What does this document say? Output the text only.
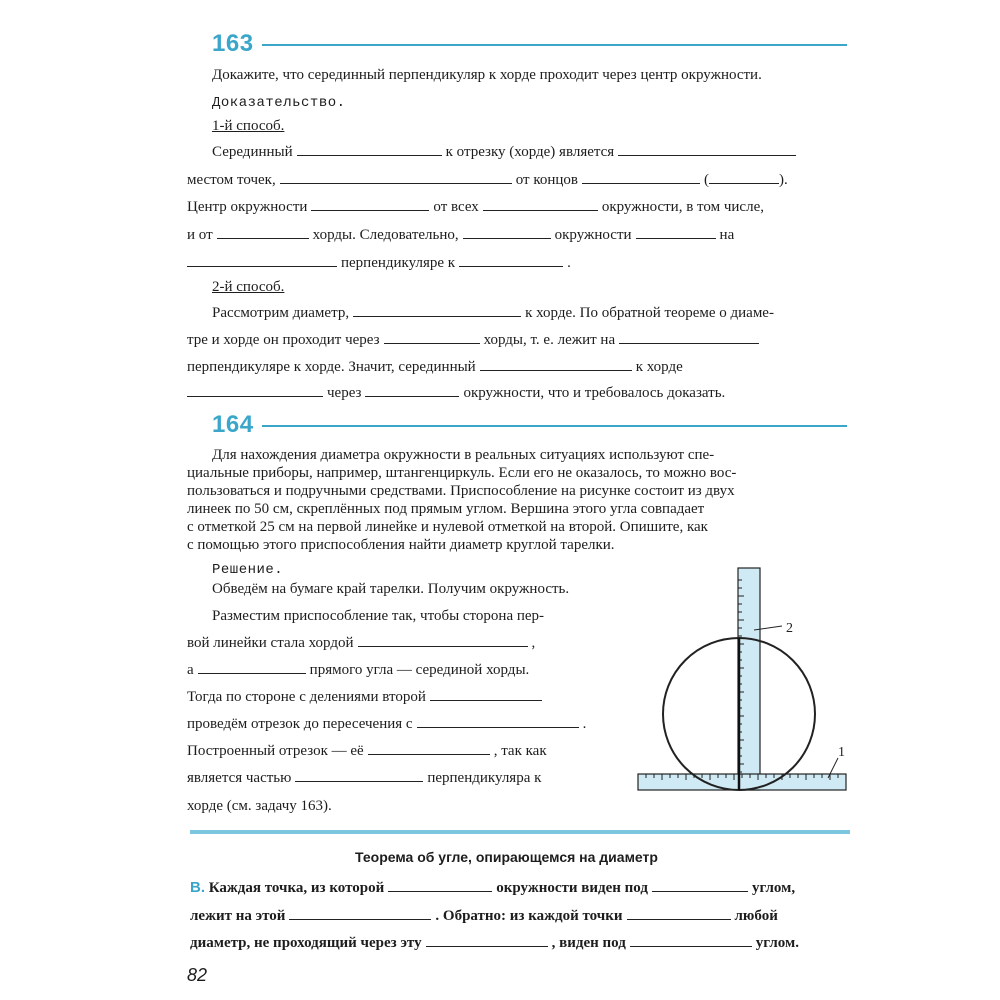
163
Докажите, что серединный перпендикуляр к хорде проходит через центр окружности.
Доказательство.
1-й способ.
Серединный	к отрезку (хорде) является
местом точек,	от концов	(	).
Центр окружности	от всех	окружности, в том числе,
и от	хорды. Следовательно,	окружности	на
перпендикуляре к	.
2-й способ.
Рассмотрим диаметр,	к хорде. По обратной теореме о диаме-
тре и хорде он проходит через	хорды, т. е. лежит на
перпендикуляре к хорде. Значит, серединный	к хорде
через	окружности, что и требовалось доказать.
164
Для нахождения диаметра окружности в реальных ситуациях используют спе-
циальные приборы, например, штангенциркуль. Если его не оказалось, то можно вос-
пользоваться и подручными средствами. Приспособление на рисунке состоит из двух
линеек по 50 см, скреплённых под прямым углом. Вершина этого угла совпадает
с отметкой 25 см на первой линейке и нулевой отметкой на второй. Опишите, как
с помощью этого приспособления найти диаметр круглой тарелки.
Решение.
Обведём на бумаге край тарелки. Получим окружность.
Разместим приспособление так, чтобы сторона пер-
вой линейки стала хордой	,
а	прямого угла — серединой хорды.
Тогда по стороне с делениями второй
проведём отрезок до пересечения с	.
Построенный отрезок — её	, так как
является частью	перпендикуляра к
хорде (см. задачу 163).
2
1
Теорема об угле, опирающемся на диаметр
В. Каждая точка, из которой	окружности виден под	углом,
лежит на этой	. Обратно: из каждой точки	любой
диаметр, не проходящий через эту	, виден под	углом.
82
